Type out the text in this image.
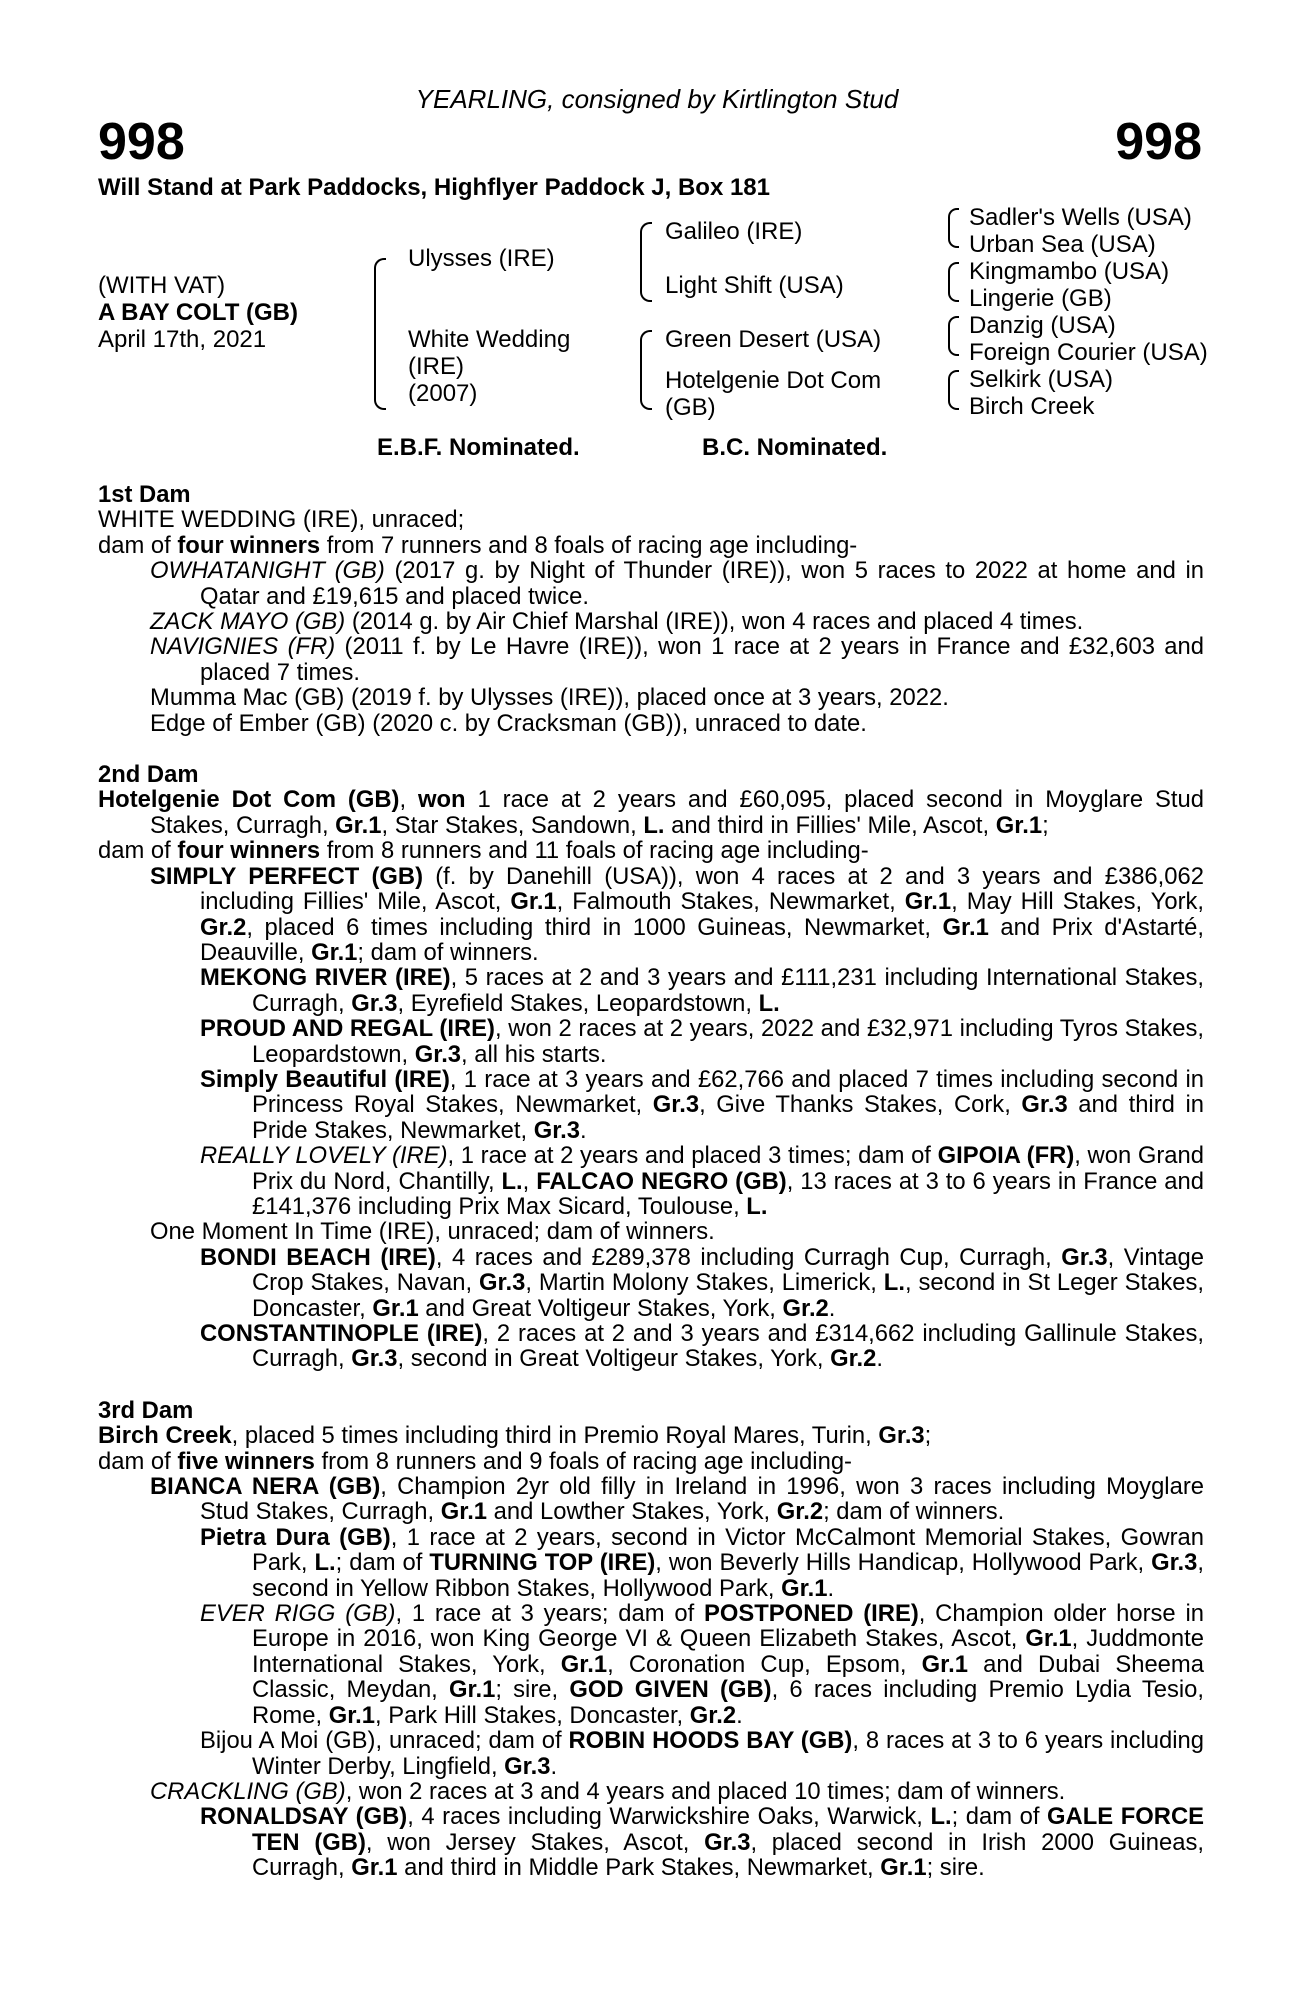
YEARLING, consigned by Kirtlington Stud
998	998
Will Stand at Park Paddocks, Highflyer Paddock J, Box 181
(WITH VAT)
A BAY COLT (GB)
April 17th, 2021
Ulysses (IRE)
White Wedding
(IRE)
(2007)
Galileo (IRE)
Light Shift (USA)
Green Desert (USA)
Hotelgenie Dot Com
(GB)
Sadler's Wells (USA)
Urban Sea (USA)
Kingmambo (USA)
Lingerie (GB)
Danzig (USA)
Foreign Courier (USA)
Selkirk (USA)
Birch Creek
E.B.F. Nominated.	B.C. Nominated.

1st Dam

WHITE WEDDING (IRE), unraced;

dam of four winners from 7 runners and 8 foals of racing age including-

OWHATANIGHT (GB) (2017 g. by Night of Thunder (IRE)), won 5 races to 2022 at home and in Qatar and £19,615 and placed twice.

ZACK MAYO (GB) (2014 g. by Air Chief Marshal (IRE)), won 4 races and placed 4 times.

NAVIGNIES (FR) (2011 f. by Le Havre (IRE)), won 1 race at 2 years in France and £32,603 and placed 7 times.

Mumma Mac (GB) (2019 f. by Ulysses (IRE)), placed once at 3 years, 2022.

Edge of Ember (GB) (2020 c. by Cracksman (GB)), unraced to date.

2nd Dam

Hotelgenie Dot Com (GB), won 1 race at 2 years and £60,095, placed second in Moyglare Stud Stakes, Curragh, Gr.1, Star Stakes, Sandown, L. and third in Fillies' Mile, Ascot, Gr.1;

dam of four winners from 8 runners and 11 foals of racing age including-

SIMPLY PERFECT (GB) (f. by Danehill (USA)), won 4 races at 2 and 3 years and £386,062 including Fillies' Mile, Ascot, Gr.1, Falmouth Stakes, Newmarket, Gr.1, May Hill Stakes, York, Gr.2, placed 6 times including third in 1000 Guineas, Newmarket, Gr.1 and Prix d'Astarté, Deauville, Gr.1; dam of winners.

MEKONG RIVER (IRE), 5 races at 2 and 3 years and £111,231 including International Stakes, Curragh, Gr.3, Eyrefield Stakes, Leopardstown, L.

PROUD AND REGAL (IRE), won 2 races at 2 years, 2022 and £32,971 including Tyros Stakes, Leopardstown, Gr.3, all his starts.

Simply Beautiful (IRE), 1 race at 3 years and £62,766 and placed 7 times including second in Princess Royal Stakes, Newmarket, Gr.3, Give Thanks Stakes, Cork, Gr.3 and third in Pride Stakes, Newmarket, Gr.3.

REALLY LOVELY (IRE), 1 race at 2 years and placed 3 times; dam of GIPOIA (FR), won Grand Prix du Nord, Chantilly, L., FALCAO NEGRO (GB), 13 races at 3 to 6 years in France and £141,376 including Prix Max Sicard, Toulouse, L.

One Moment In Time (IRE), unraced; dam of winners.

BONDI BEACH (IRE), 4 races and £289,378 including Curragh Cup, Curragh, Gr.3, Vintage Crop Stakes, Navan, Gr.3, Martin Molony Stakes, Limerick, L., second in St Leger Stakes, Doncaster, Gr.1 and Great Voltigeur Stakes, York, Gr.2.

CONSTANTINOPLE (IRE), 2 races at 2 and 3 years and £314,662 including Gallinule Stakes, Curragh, Gr.3, second in Great Voltigeur Stakes, York, Gr.2.

3rd Dam

Birch Creek, placed 5 times including third in Premio Royal Mares, Turin, Gr.3;

dam of five winners from 8 runners and 9 foals of racing age including-

BIANCA NERA (GB), Champion 2yr old filly in Ireland in 1996, won 3 races including Moyglare Stud Stakes, Curragh, Gr.1 and Lowther Stakes, York, Gr.2; dam of winners.

Pietra Dura (GB), 1 race at 2 years, second in Victor McCalmont Memorial Stakes, Gowran Park, L.; dam of TURNING TOP (IRE), won Beverly Hills Handicap, Hollywood Park, Gr.3, second in Yellow Ribbon Stakes, Hollywood Park, Gr.1.

EVER RIGG (GB), 1 race at 3 years; dam of POSTPONED (IRE), Champion older horse in Europe in 2016, won King George VI & Queen Elizabeth Stakes, Ascot, Gr.1, Juddmonte International Stakes, York, Gr.1, Coronation Cup, Epsom, Gr.1 and Dubai Sheema Classic, Meydan, Gr.1; sire, GOD GIVEN (GB), 6 races including Premio Lydia Tesio, Rome, Gr.1, Park Hill Stakes, Doncaster, Gr.2.

Bijou A Moi (GB), unraced; dam of ROBIN HOODS BAY (GB), 8 races at 3 to 6 years including Winter Derby, Lingfield, Gr.3.

CRACKLING (GB), won 2 races at 3 and 4 years and placed 10 times; dam of winners.

RONALDSAY (GB), 4 races including Warwickshire Oaks, Warwick, L.; dam of GALE FORCE TEN (GB), won Jersey Stakes, Ascot, Gr.3, placed second in Irish 2000 Guineas, Curragh, Gr.1 and third in Middle Park Stakes, Newmarket, Gr.1; sire.
